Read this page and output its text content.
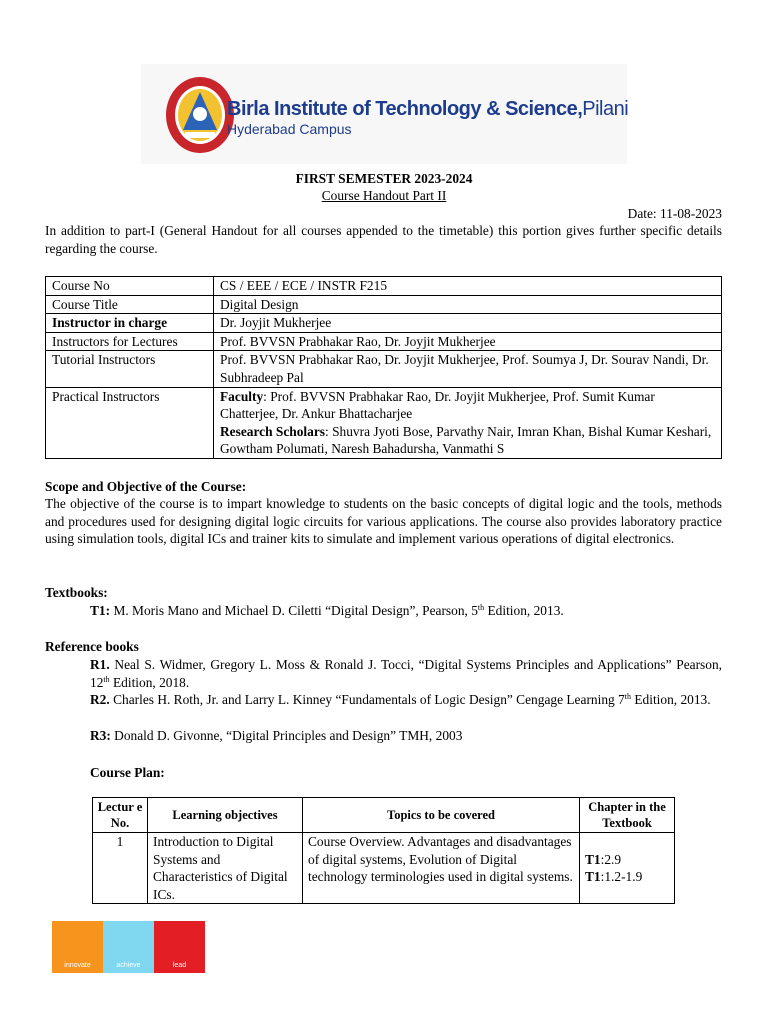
Birla Institute of Technology & Science,Pilani
Hyderabad Campus
FIRST SEMESTER 2023-2024
Course Handout Part II
Date: 11-08-2023
In addition to part-I (General Handout for all courses appended to the timetable) this portion gives further specific details regarding the course.
Course No	CS / EEE / ECE / INSTR F215
Course Title	Digital Design
Instructor in charge	Dr. Joyjit Mukherjee
Instructors for Lectures	Prof. BVVSN Prabhakar Rao, Dr. Joyjit Mukherjee
Tutorial Instructors	Prof. BVVSN Prabhakar Rao, Dr. Joyjit Mukherjee, Prof. Soumya J, Dr. Sourav Nandi, Dr. Subhradeep Pal
Practical Instructors	Faculty: Prof. BVVSN Prabhakar Rao, Dr. Joyjit Mukherjee, Prof. Sumit Kumar Chatterjee, Dr. Ankur Bhattacharjee
Research Scholars: Shuvra Jyoti Bose, Parvathy Nair, Imran Khan, Bishal Kumar Keshari, Gowtham Polumati, Naresh Bahadursha, Vanmathi S
Scope and Objective of the Course:
The objective of the course is to impart knowledge to students on the basic concepts of digital logic and the tools, methods and procedures used for designing digital logic circuits for various applications. The course also provides laboratory practice using simulation tools, digital ICs and trainer kits to simulate and implement various operations of digital electronics.
Textbooks:
T1: M. Moris Mano and Michael D. Ciletti “Digital Design”, Pearson, 5th Edition, 2013.
Reference books
R1. Neal S. Widmer, Gregory L. Moss & Ronald J. Tocci, “Digital Systems Principles and Applications” Pearson, 12th Edition, 2018.
R2. Charles H. Roth, Jr. and Larry L. Kinney “Fundamentals of Logic Design” Cengage Learning 7th Edition, 2013.
R3: Donald D. Givonne, “Digital Principles and Design” TMH, 2003
Course Plan:
Lectur e No.	Learning objectives	Topics to be covered	Chapter in the Textbook
1	Introduction to Digital Systems and Characteristics of Digital ICs.	Course Overview. Advantages and disadvantages of digital systems, Evolution of Digital technology terminologies used in digital systems.	T1:2.9
T1:1.2-1.9
innovate	achieve	lead
